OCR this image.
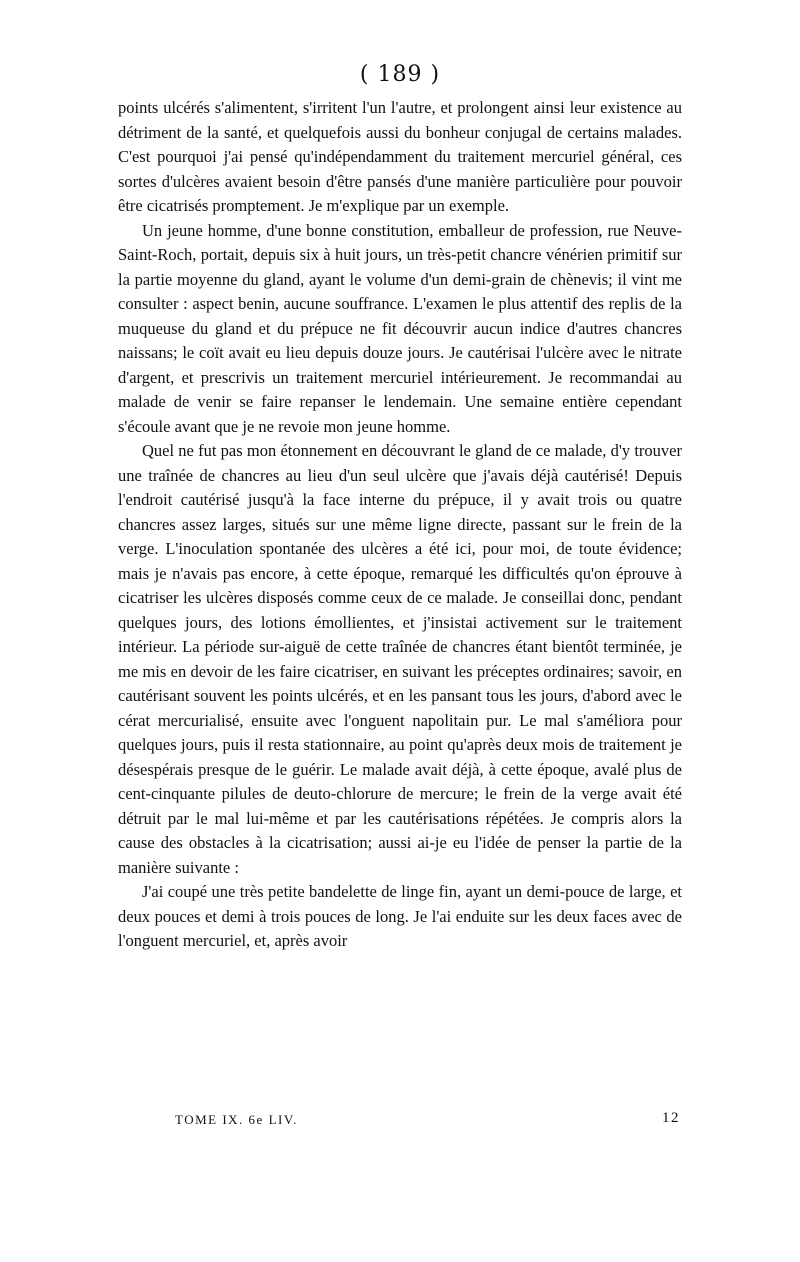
( 189 )

points ulcérés s'alimentent, s'irritent l'un l'autre, et prolongent ainsi leur existence au détriment de la santé, et quelquefois aussi du bonheur conjugal de certains malades. C'est pourquoi j'ai pensé qu'indépendamment du traitement mercuriel général, ces sortes d'ulcères avaient besoin d'être pansés d'une manière particulière pour pouvoir être cicatrisés promptement. Je m'explique par un exemple.

Un jeune homme, d'une bonne constitution, emballeur de profession, rue Neuve-Saint-Roch, portait, depuis six à huit jours, un très-petit chancre vénérien primitif sur la partie moyenne du gland, ayant le volume d'un demi-grain de chènevis; il vint me consulter : aspect benin, aucune souffrance. L'examen le plus attentif des replis de la muqueuse du gland et du prépuce ne fit découvrir aucun indice d'autres chancres naissans; le coït avait eu lieu depuis douze jours. Je cautérisai l'ulcère avec le nitrate d'argent, et prescrivis un traitement mercuriel intérieurement. Je recommandai au malade de venir se faire repanser le lendemain. Une semaine entière cependant s'écoule avant que je ne revoie mon jeune homme.

Quel ne fut pas mon étonnement en découvrant le gland de ce malade, d'y trouver une traînée de chancres au lieu d'un seul ulcère que j'avais déjà cautérisé! Depuis l'endroit cautérisé jusqu'à la face interne du prépuce, il y avait trois ou quatre chancres assez larges, situés sur une même ligne directe, passant sur le frein de la verge. L'inoculation spontanée des ulcères a été ici, pour moi, de toute évidence; mais je n'avais pas encore, à cette époque, remarqué les difficultés qu'on éprouve à cicatriser les ulcères disposés comme ceux de ce malade. Je conseillai donc, pendant quelques jours, des lotions émollientes, et j'insistai activement sur le traitement intérieur. La période sur-aiguë de cette traînée de chancres étant bientôt terminée, je me mis en devoir de les faire cicatriser, en suivant les préceptes ordinaires; savoir, en cautérisant souvent les points ulcérés, et en les pansant tous les jours, d'abord avec le cérat mercurialisé, ensuite avec l'onguent napolitain pur. Le mal s'améliora pour quelques jours, puis il resta stationnaire, au point qu'après deux mois de traitement je désespérais presque de le guérir. Le malade avait déjà, à cette époque, avalé plus de cent-cinquante pilules de deuto-chlorure de mercure; le frein de la verge avait été détruit par le mal lui-même et par les cautérisations répétées. Je compris alors la cause des obstacles à la cicatrisation; aussi ai-je eu l'idée de penser la partie de la manière suivante :

J'ai coupé une très petite bandelette de linge fin, ayant un demi-pouce de large, et deux pouces et demi à trois pouces de long. Je l'ai enduite sur les deux faces avec de l'onguent mercuriel, et, après avoir

TOME IX. 6e LIV.	12
